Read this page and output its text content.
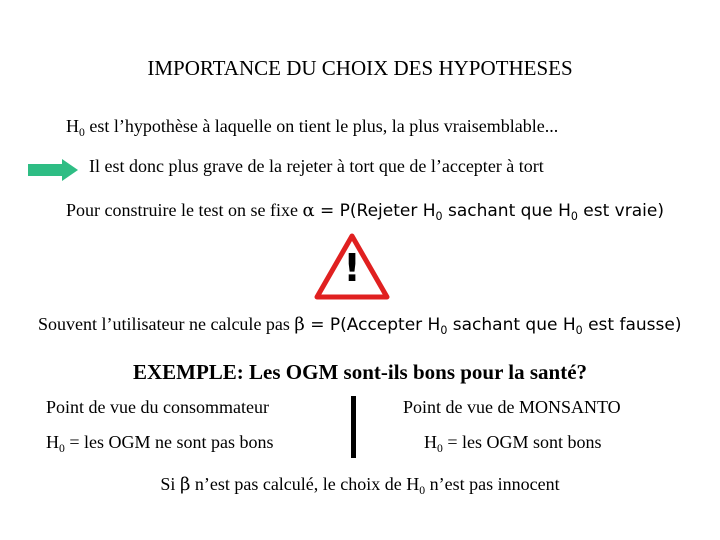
IMPORTANCE DU CHOIX DES HYPOTHESES
$H_0$ est l’hypothèse à laquelle on tient le plus, la plus vraisemblable...
Il est donc plus grave de la rejeter à tort que de l’accepter à tort
Pour construire le test on se fixe α = P(Rejeter $H_0$ sachant que $H_0$ est vraie)
!
Souvent l’utilisateur ne calcule pas β = P(Accepter $H_0$ sachant que $H_0$ est fausse)
EXEMPLE: Les OGM sont-ils bons pour la santé?
Point de vue du consommateur
$H_0$ = les OGM ne sont pas bons
Point de vue de MONSANTO
$H_0$ = les OGM sont bons
Si β n’est pas calculé, le choix de $H_0$ n’est pas innocent
